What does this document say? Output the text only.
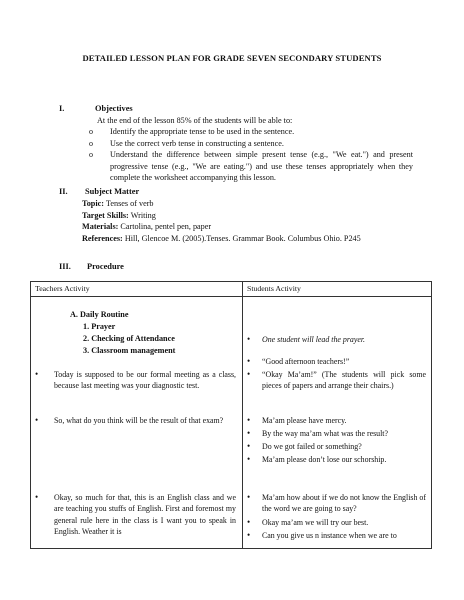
DETAILED LESSON PLAN FOR GRADE SEVEN SECONDARY STUDENTS
I.	Objectives
At the end of the lesson 85% of the students will be able to:
o Identify the appropriate tense to be used in the sentence.
o Use the correct verb tense in constructing a sentence.
o Understand the difference between simple present tense (e.g., "We eat.") and present progressive tense (e.g., "We are eating.") and use these tenses appropriately when they complete the worksheet accompanying this lesson.
II. Subject Matter
Topic: Tenses of verb
Target Skills: Writing
Materials: Cartolina, pentel pen, paper
References: Hill, Glencoe M. (2005).Tenses. Grammar Book. Columbus Ohio. P245
III. Procedure
Teachers Activity	Students Activity
A. Daily Routine
1. Prayer
2. Checking of Attendance
3. Classroom management
• Today is supposed to be our formal meeting as a class, because last meeting was your diagnostic test.
• So, what do you think will be the result of that exam?
• Okay, so much for that, this is an English class and we are teaching you stuffs of English. First and foremost my general rule here in the class is I want you to speak in English. Weather it is
• One student will lead the prayer.
• “Good afternoon teachers!”
• “Okay Ma’am!” (The students will pick some pieces of papers and arrange their chairs.)
• Ma’am please have mercy.
• By the way ma’am what was the result?
• Do we got failed or something?
• Ma’am please don’t lose our schorship.
• Ma’am how about if we do not know the English of the word we are going to say?
• Okay ma’am we will try our best.
• Can you give us n instance when we are to
